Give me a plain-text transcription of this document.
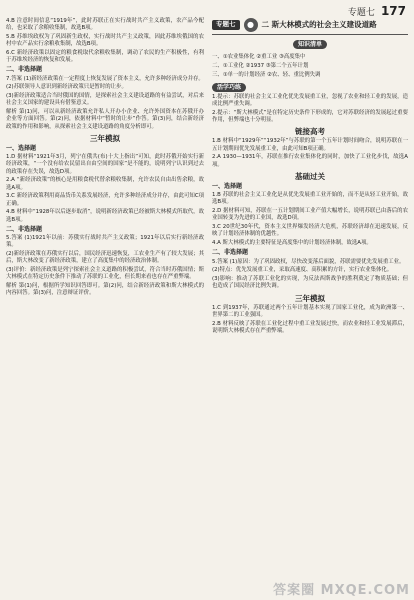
专题七 177

4.B 注意时间信息“1919年”，此时苏联正在实行战时共产主义政策，农产品今配给，也采取了余粮收集制，故选B项。

5.B 苏维埃政权为了巩固新生政权，实行战时共产主义政策，因此苏维埃俄国的农村中农产品实行余粮收集制，故选B项。

6.C 新经济政策以固定的粮食税取代余粮收集制，调动了农民的生产积极性，有利于苏维埃经济的恢复和发展。

二、非选择题

7.答案 (1)新经济政策在一定程度上恢复发展了资本主义，允许多种经济成分并存。

(2)苏联领导人意识到新经济政策只是暂时的让步。

(3)新经济政策适合当时俄国的国情，是探索社会主义建设道路的有益尝试，对后来社会主义国家的建设具有借鉴意义。

解析 第(1)问，可以从新经济政策允许私人开办小企业、允许外国资本在苏俄开办企业等方面回答。第(2)问，依据材料中“暂时的让步”作答。第(3)问，结合新经济政策的作用和影响，从探索社会主义建设道路的角度分析即可。

三年模拟
一、选择题

1.D 据材料“1921年3月，列宁在俄共(布)十大上指出”可知，此时苏俄开始实行新经济政策，“一个没有给农民留出自由空间的国家”是不能的，说明列宁认识到过去的政策存在失误，故选D项。

2.A “新经济政策”的核心是用粮食税代替余粮收集制，允许农民自由出售余粮，故选A项。

3.C 新经济政策利用商品货币关系发展经济，允许多种经济成分并存，由此可知C项正确。

4.B 材料中“1928年以后逐步取消”，说明新经济政策已经被斯大林模式所取代，故选B项。

二、非选择题

5.答案 (1)1921年以前：苏俄实行战时共产主义政策；1921年以后实行新经济政策。

(2)新经济政策在苏俄实行以后，国民经济迅速恢复，工农业生产有了较大发展；其后，斯大林改变了新经济政策，建立了高度集中的经济政治体制。

(3)评价：新经济政策是列宁探索社会主义道路的积极尝试，符合当时苏俄国情；斯大林模式在特定历史条件下推动了苏联的工业化，但长期来看也存在严重弊端。

解析 第(1)问，根据所学知识回答即可。第(2)问，结合新经济政策和斯大林模式的内容回答。第(3)问，注意辩证评价。

专题七	●	二 斯大林模式的社会主义建设道路
知识清单

一、①农业集体化 ②重工业 ③高度集中

二、①工业化 ②1937 ③第二个五年计划

三、①单一的计划经济 ②农、轻、重比例失调

活学巧练

1.提示：苏联的社会主义工业化优先发展重工业，忽视了农业和轻工业的发展，造成比例严重失调。

2.提示：“斯大林模式”是在特定历史条件下形成的，它对苏联经济的发展起过重要作用，但弊端也十分明显。

链接高考

1.B 材料中“1929年”“1932年”与苏联的第一个五年计划时间吻合，说明苏联在一五计划期间优先发展重工业，由此可知B项正确。

2.A 1930—1931年，苏联在推行农业集体化的同时，加快了工业化步伐，故选A项。

基础过关
一、选择题

1.B 苏联的社会主义工业化是从优先发展重工业开始的，而不是从轻工业开始，故选B项。

2.D 据材料可知，苏联在一五计划期间工业产值大幅增长，说明苏联已由落后的农业国转变为先进的工业国，故选D项。

3.C 20世纪30年代，资本主义世界爆发经济大危机，苏联经济却在迅速发展，反映了计划经济体制的优越性。

4.A 斯大林模式的主要特征是高度集中的计划经济体制，故选A项。

二、非选择题

5.答案 (1)原因：为了巩固政权，尽快改变落后面貌，苏联需要优先发展重工业。

(2)特点：优先发展重工业，采取高速度、高积累的方针，实行农业集体化。

(3)影响：推动了苏联工业化的实现，为反法西斯战争的胜利奠定了物质基础；但也造成了国民经济比例失调。

三年模拟

1.C 到1937年，苏联通过两个五年计划基本实现了国家工业化，成为欧洲第一、世界第二的工业强国。

2.B 材料反映了苏联在工业化过程中重工业发展过快，而农业和轻工业发展滞后，说明斯大林模式存在严重弊端。

答案圈 MXQE.COM
